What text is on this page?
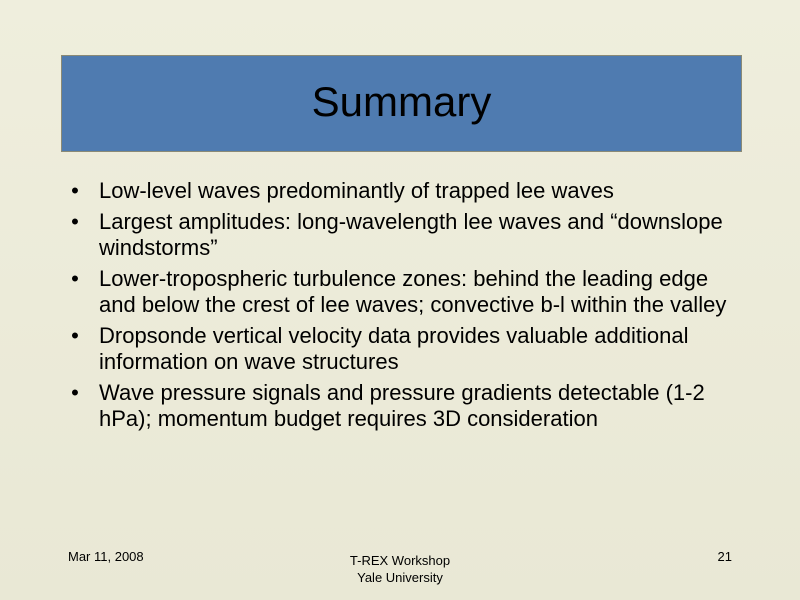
Summary
• Low-level waves predominantly of trapped lee waves
• Largest amplitudes: long-wavelength lee waves and “downslope windstorms”
• Lower-tropospheric turbulence zones: behind the leading edge and below the crest of lee waves; convective b-l within the valley
• Dropsonde vertical velocity data provides valuable additional information on wave structures
• Wave pressure signals and pressure gradients detectable (1-2 hPa); momentum budget requires 3D consideration
Mar 11, 2008	T-REX Workshop
Yale University
21
